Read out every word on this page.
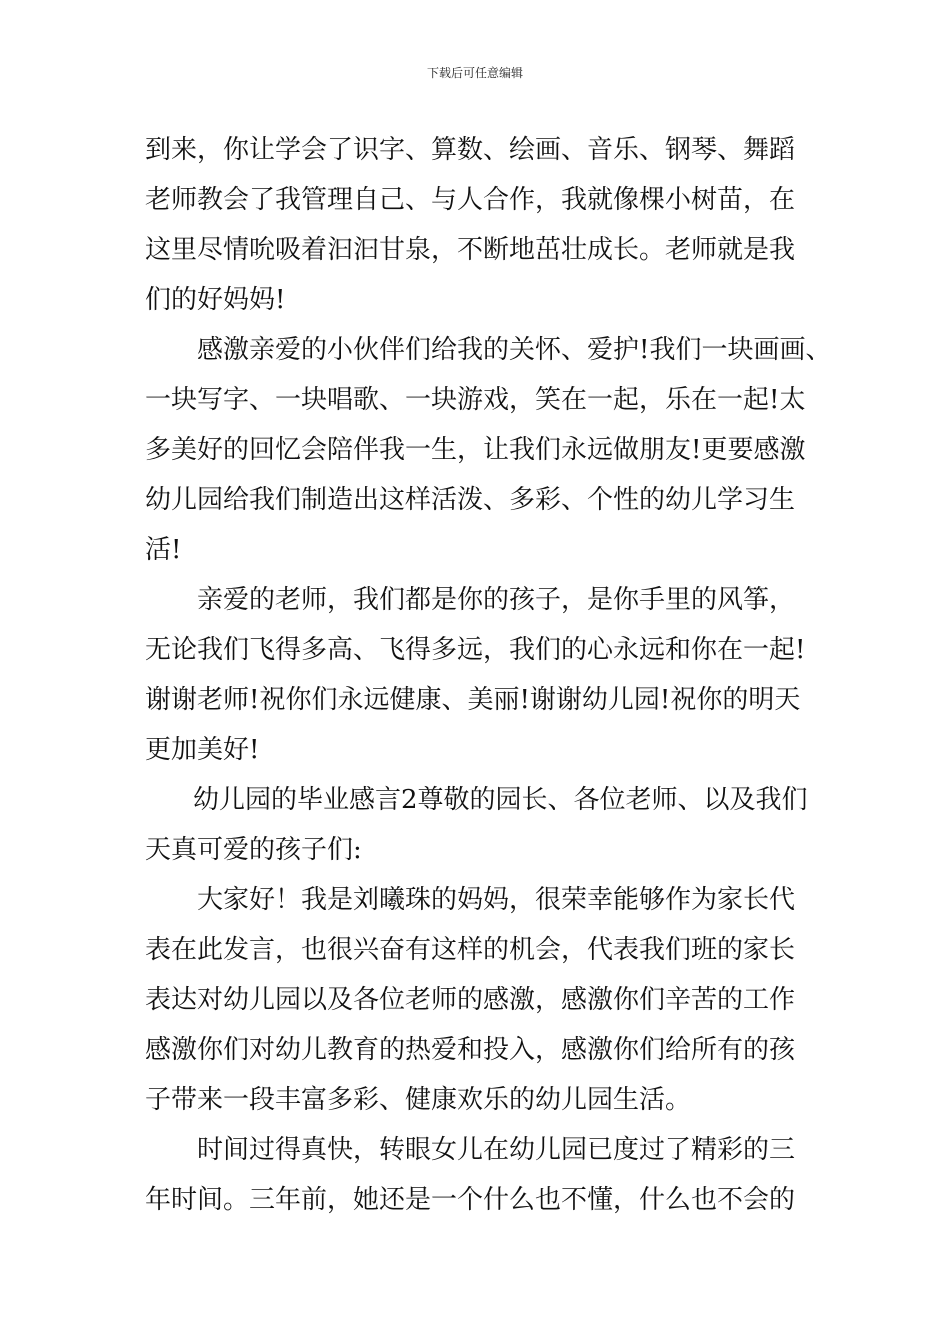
下载后可任意编辑
到来，你让学会了识字、算数、绘画、音乐、钢琴、舞蹈
老师教会了我管理自己、与人合作，我就像棵小树苗，在
这里尽情吮吸着汩汩甘泉，不断地茁壮成长。老师就是我
们的好妈妈!
感激亲爱的小伙伴们给我的关怀、爱护!我们一块画画、
一块写字、一块唱歌、一块游戏，笑在一起，乐在一起!太
多美好的回忆会陪伴我一生，让我们永远做朋友!更要感激
幼儿园给我们制造出这样活泼、多彩、个性的幼儿学习生
活!
亲爱的老师，我们都是你的孩子，是你手里的风筝，
无论我们飞得多高、飞得多远，我们的心永远和你在一起!
谢谢老师!祝你们永远健康、美丽!谢谢幼儿园!祝你的明天
更加美好!
幼儿园的毕业感言2尊敬的园长、各位老师、以及我们
天真可爱的孩子们:
大家好！我是刘曦珠的妈妈，很荣幸能够作为家长代
表在此发言，也很兴奋有这样的机会，代表我们班的家长
表达对幼儿园以及各位老师的感激，感激你们辛苦的工作
感激你们对幼儿教育的热爱和投入，感激你们给所有的孩
子带来一段丰富多彩、健康欢乐的幼儿园生活。
时间过得真快，转眼女儿在幼儿园已度过了精彩的三
年时间。三年前，她还是一个什么也不懂，什么也不会的
